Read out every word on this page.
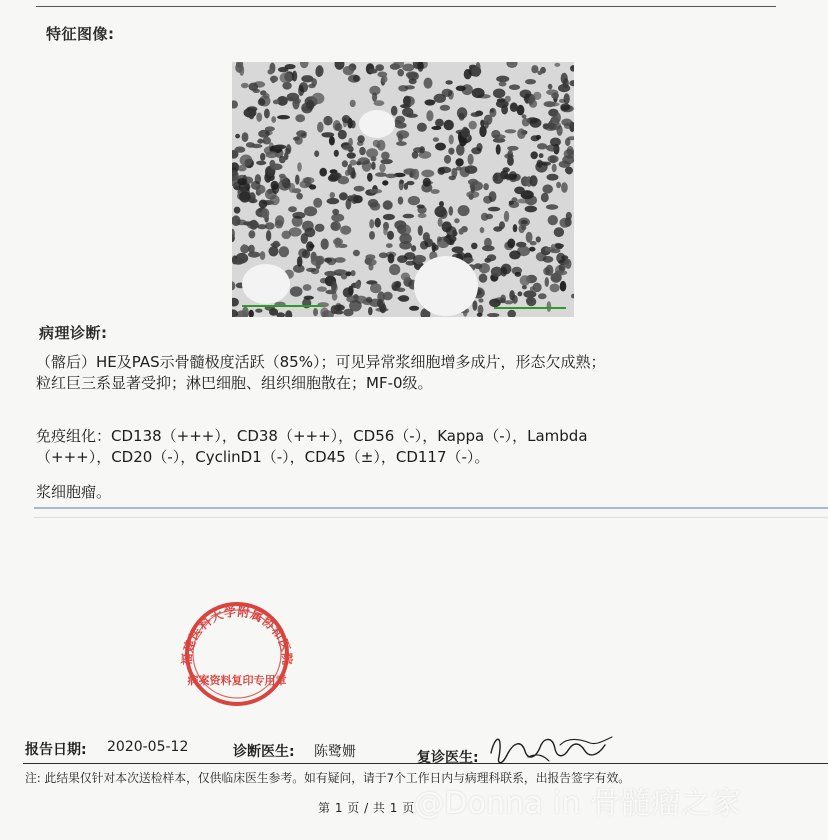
特征图像:
病理诊断:
（髂后）HE及PAS示骨髓极度活跃（85%）；可见异常浆细胞增多成片，形态欠成熟；
粒红巨三系显著受抑；淋巴细胞、组织细胞散在；MF-0级。
免疫组化：CD138（+++），CD38（+++），CD56（-），Kappa（-），Lambda
（+++），CD20（-），CyclinD1（-），CD45（±），CD117（-）。
浆细胞瘤。
福建医科大学附属协和医院
病案资料复印专用章
报告日期: 2020-05-12	诊断医生: 陈鹭姗	复诊医生:
注: 此结果仅针对本次送检样本，仅供临床医生参考。如有疑问，请于7个工作日内与病理科联系，出报告签字有效。
第 1 页 / 共 1 页 @Donna in 骨髓瘤之家
